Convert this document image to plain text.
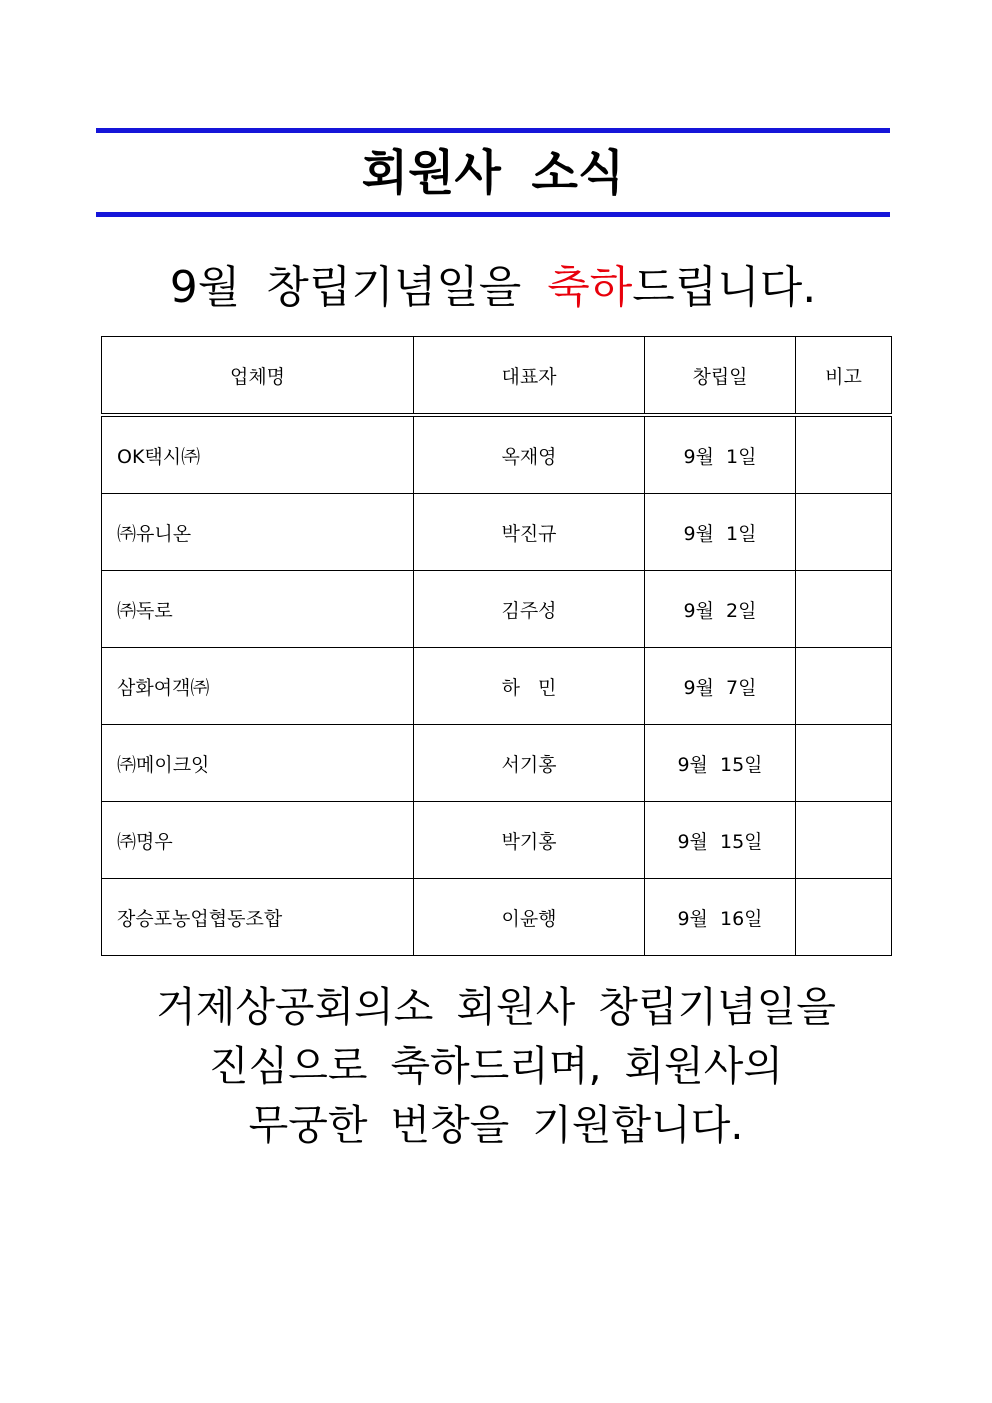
회원사 소식
9월 창립기념일을 축하드립니다.
업체명	대표자	창립일	비고
OK택시㈜	옥재영	9월  1일	
㈜유니온	박진규	9월  1일	
㈜독로	김주성	9월  2일	
삼화여객㈜	하   민	9월  7일	
㈜메이크잇	서기홍	9월  15일	
㈜명우	박기홍	9월  15일	
장승포농업협동조합	이윤행	9월  16일	
거제상공회의소 회원사 창립기념일을
진심으로 축하드리며, 회원사의
무궁한 번창을 기원합니다.
